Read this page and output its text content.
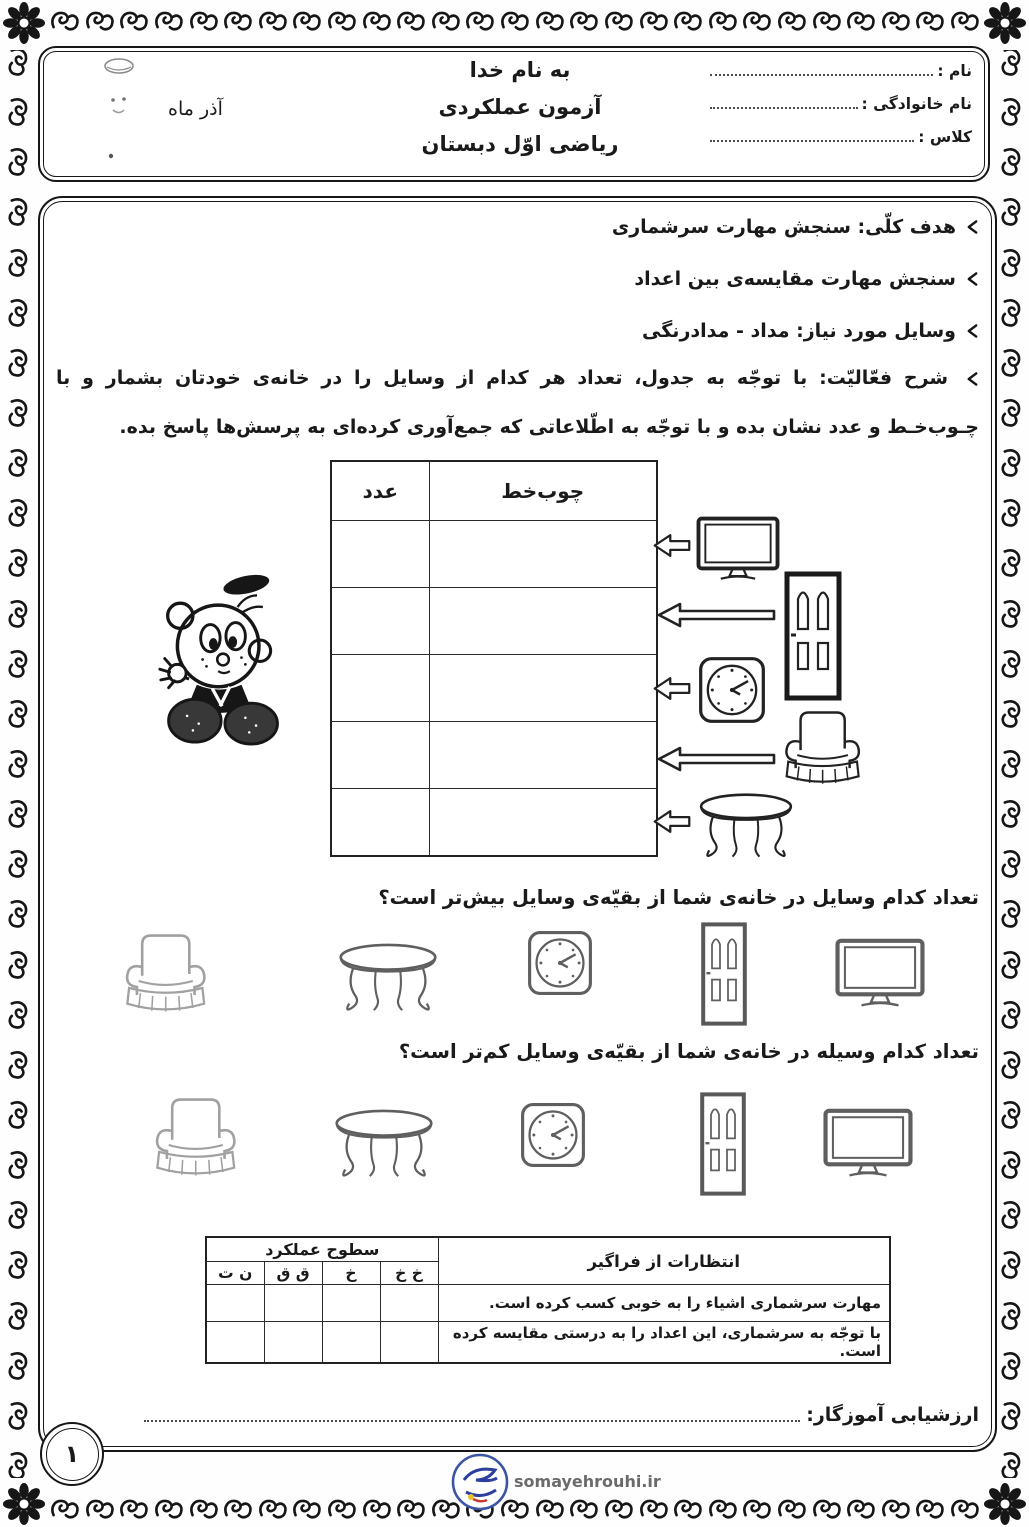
نام :
نام خانوادگی :
کلاس :
به نام خدا
آزمون عملکردی
ریاضی اوّل دبستان
آذر ماه
هدف کلّی: سنجش مهارت سرشماری
سنجش مهارت مقایسه‌ی بین اعداد
وسایل مورد نیاز: مداد - مدادرنگی
شرح فعّالیّت: با توجّه به جدول، تعداد هر کدام از وسایل را در خانه‌ی خودتان بشمار و با چـوب‌خـط و عدد نشان بده و با توجّه به اطّلاعاتی که جمع‌آوری کرده‌ای به پرسش‌ها پاسخ بده.
عدد	چوب‌خط

تعداد کدام وسایل در خانه‌ی شما از بقیّه‌ی وسایل بیش‌تر است؟
تعداد کدام وسیله در خانه‌ی شما از بقیّه‌ی وسایل کم‌تر است؟
انتظارات از فراگیر	سطوح عملکرد			
	خ خ	خ	ق ق	ن ت
مهارت سرشماری اشیاء را به خوبی کسب کرده است.				
با توجّه به سرشماری، این اعداد را به درستی مقایسه کرده است.				
ارزشیابی آموزگار:
۱
somayehrouhi.ir
